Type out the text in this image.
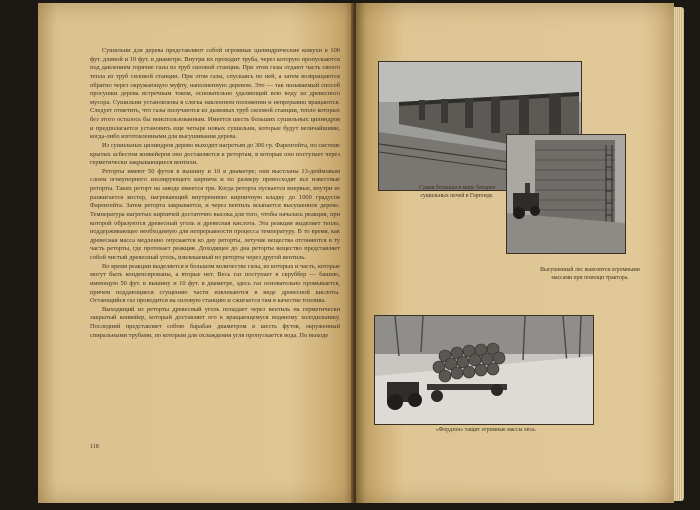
Сушильни для дерева представляют собой огромные цилиндрические кожухи в 100 фут. длиной и 10 фут. в диаметре. Внутри их проходит труба, через которую пропускаются под давлением горячие газы из труб силовой станции. При этом газы отдают часть своего тепла из труб силовой станции. При этом газы, спускаясь по ней, а затем возвращаются обратно через окружающую муфту, наполненную деревом. Это — так называемый способ просушки дерева встречным током, основательно удаляющий всю воду из древесного мусора. Сушильни установлены в слегка наклонном положении и непрерывно вращаются. Следует отметить, что газы получаются из дымовых труб силовой станции, тепло которых без этого осталось бы неиспользованным. Имеется шесть больших сушильных цилиндров и предполагается установить еще четыре новых сушильни, которые будут величайшими, когда-либо изготовленными для высушивания дерева.

Из сушильных цилиндров дерево выходит нагретым до 300 гр. Фаренгейта, по системе крытых асбестом конвейеров оно доставляется к ретортам, в которые оно поступает через герметически закрывающиеся вентили.

Реторты имеют 50 футов в вышину и 10 в диаметре; они выстланы 13-дюймовым слоем огнеупорного изолирующего кирпича и по размеру превосходят все известные реторты. Таких реторт на заводе имеется три. Когда реторта пускается впервые, внутри ее разжигается костер, нагревающий внутреннюю кирпичную кладку до 1000 градусов Фаренгейта. Затем реторта закрывается, и через вентиль всыпается высушенное дерево. Температура нагретых кирпичей достаточно высока для того, чтобы началась реакция, при которой образуются древесный уголь и древесная кислота. Эта реакция выделяет тепло, поддерживающее необходимую для непрерывности процесса температуру. В то время, как древесная масса медленно опускается ко дну реторты, летучие вещества отгоняются в ту часть реторты, где протекает реакция. Доходящее до дна реторты вещество представляет собой чистый древесный уголь, извлекаемый из реторты через другой вентиль.

Во время реакции выделяется в большом количестве газы, из которых и часть, которые могут быть конденсированы, а вторые нет. Весь газ поступает в скруббер — башню, имеющую 50 фут. в вышину и 10 фут. в диаметре, здесь газ основательно промывается, причем поддающиеся сгущению части извлекаются в виде древесной кислоты. Остающийся газ проводится на силовую станцию и сжигается там в качестве топлива.

Выходящий из реторты древесный уголь попадает через вентиль на герметически закрытый конвейер, который доставляет его к вращающемуся водяному холодильнику. Последний представляет собою барабан диаметром в шесть футов, окруженный спиральными трубами, по которым для охлаждения угля пропускается вода. По выходе

118
Самая большая в мире батарея сушильных печей в Гортенде.
Высушенный лес вывозится огромными массами при помощи трактора.
«Фордзон» тащит огромные массы леса.
